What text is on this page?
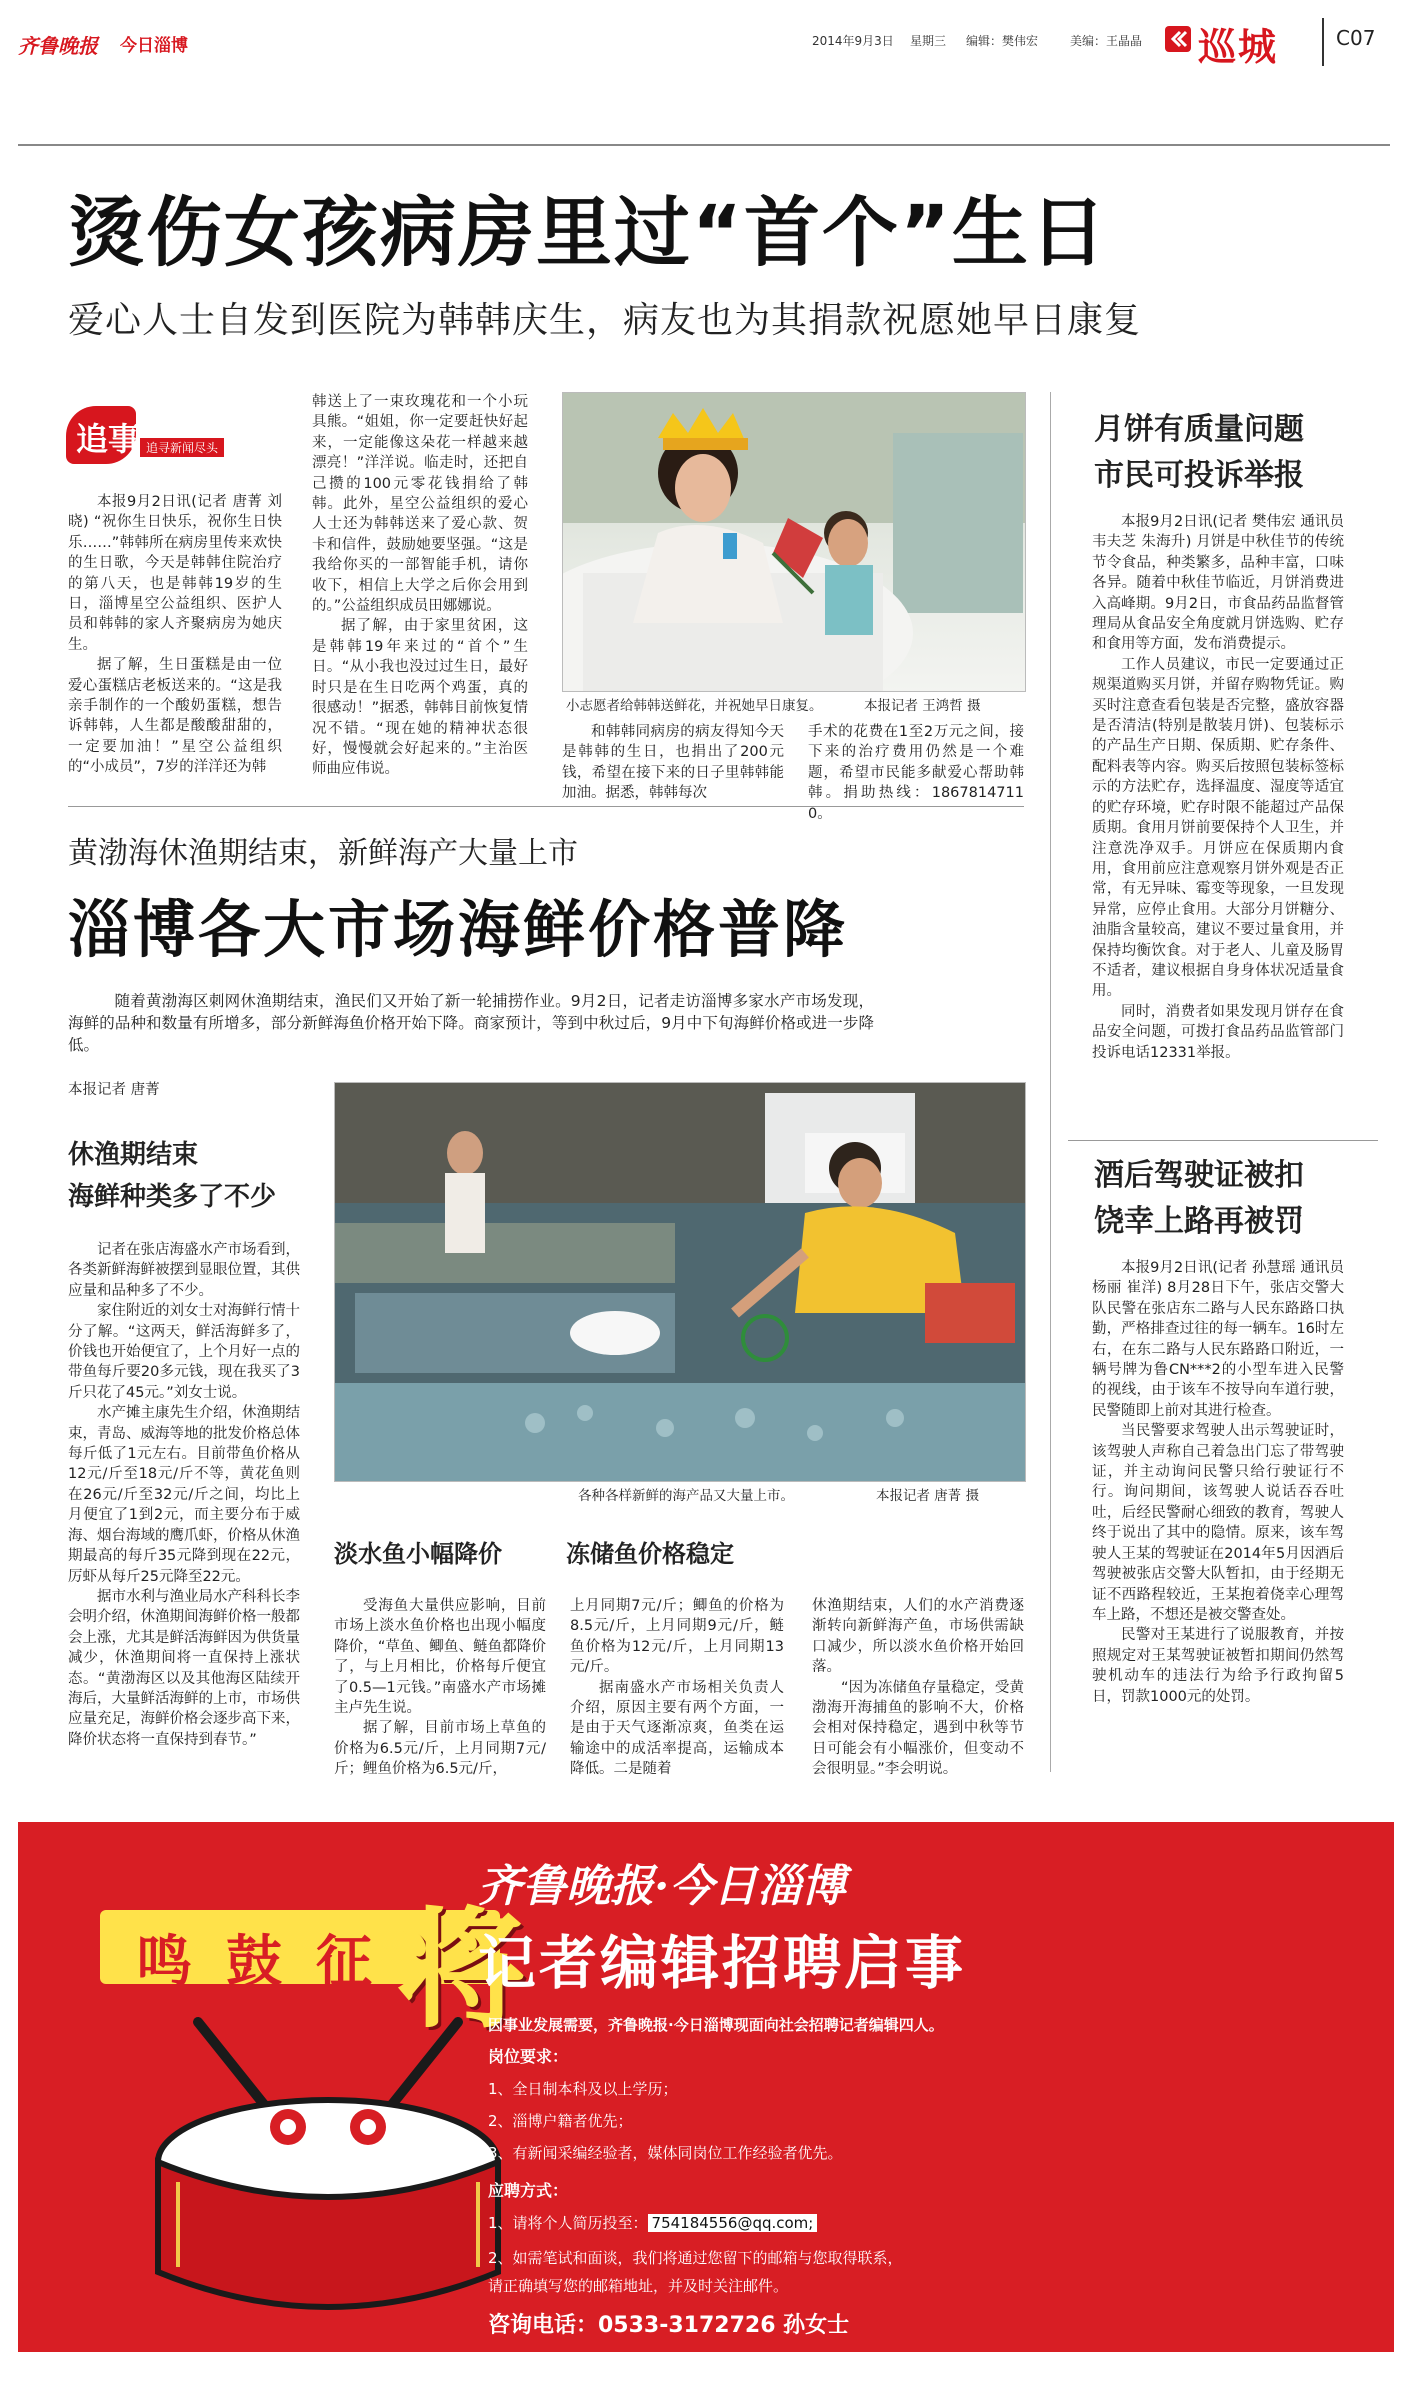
齐鲁晚报 今日淄博	2014年9月3日 星期三 编辑：樊伟宏	美编：王晶晶 巡城	C07
烫伤女孩病房里过“首个”生日
爱心人士自发到医院为韩韩庆生，病友也为其捐款祝愿她早日康复
追事 追寻新闻尽头

本报9月2日讯(记者 唐菁 刘晓) “祝你生日快乐，祝你生日快乐……”韩韩所在病房里传来欢快的生日歌，今天是韩韩住院治疗的第八天，也是韩韩19岁的生日，淄博星空公益组织、医护人员和韩韩的家人齐聚病房为她庆生。

据了解，生日蛋糕是由一位爱心蛋糕店老板送来的。“这是我亲手制作的一个酸奶蛋糕，想告诉韩韩，人生都是酸酸甜甜的，一定要加油！”星空公益组织的“小成员”，7岁的洋洋还为韩

韩送上了一束玫瑰花和一个小玩具熊。“姐姐，你一定要赶快好起来，一定能像这朵花一样越来越漂亮！”洋洋说。临走时，还把自己攒的100元零花钱捐给了韩韩。此外，星空公益组织的爱心人士还为韩韩送来了爱心款、贺卡和信件，鼓励她要坚强。“这是我给你买的一部智能手机，请你收下，相信上大学之后你会用到的。”公益组织成员田娜娜说。

据了解，由于家里贫困，这是韩韩19年来过的“首个”生日。“从小我也没过过生日，最好时只是在生日吃两个鸡蛋，真的很感动！”据悉，韩韩目前恢复情况不错。“现在她的精神状态很好，慢慢就会好起来的。”主治医师曲应伟说。

小志愿者给韩韩送鲜花，并祝她早日康复。	本报记者 王鸿哲 摄

和韩韩同病房的病友得知今天是韩韩的生日，也捐出了200元钱，希望在接下来的日子里韩韩能加油。据悉，韩韩每次

手术的花费在1至2万元之间，接下来的治疗费用仍然是一个难题，希望市民能多献爱心帮助韩韩。捐助热线：18678147110。

黄渤海休渔期结束，新鲜海产大量上市
淄博各大市场海鲜价格普降

随着黄渤海区刺网休渔期结束，渔民们又开始了新一轮捕捞作业。9月2日，记者走访淄博多家水产市场发现，海鲜的品种和数量有所增多，部分新鲜海鱼价格开始下降。商家预计，等到中秋过后，9月中下旬海鲜价格或进一步降低。

本报记者 唐菁
休渔期结束
海鲜种类多了不少

记者在张店海盛水产市场看到，各类新鲜海鲜被摆到显眼位置，其供应量和品种多了不少。

家住附近的刘女士对海鲜行情十分了解。“这两天，鲜活海鲜多了，价钱也开始便宜了，上个月好一点的带鱼每斤要20多元钱，现在我买了3斤只花了45元。”刘女士说。

水产摊主康先生介绍，休渔期结束，青岛、威海等地的批发价格总体每斤低了1元左右。目前带鱼价格从12元/斤至18元/斤不等，黄花鱼则在26元/斤至32元/斤之间，均比上月便宜了1到2元，而主要分布于威海、烟台海域的鹰爪虾，价格从休渔期最高的每斤35元降到现在22元，厉虾从每斤25元降至22元。

据市水利与渔业局水产科科长李会明介绍，休渔期间海鲜价格一般都会上涨，尤其是鲜活海鲜因为供货量减少，休渔期间将一直保持上涨状态。“黄渤海区以及其他海区陆续开海后，大量鲜活海鲜的上市，市场供应量充足，海鲜价格会逐步高下来，降价状态将一直保持到春节。”

各种各样新鲜的海产品又大量上市。	本报记者 唐菁 摄
淡水鱼小幅降价	冻储鱼价格稳定

受海鱼大量供应影响，目前市场上淡水鱼价格也出现小幅度降价，“草鱼、鲫鱼、鲢鱼都降价了，与上月相比，价格每斤便宜了0.5—1元钱。”南盛水产市场摊主卢先生说。

据了解，目前市场上草鱼的价格为6.5元/斤，上月同期7元/斤；鲤鱼价格为6.5元/斤，

上月同期7元/斤；鲫鱼的价格为8.5元/斤，上月同期9元/斤，鲢鱼价格为12元/斤，上月同期13元/斤。

据南盛水产市场相关负责人介绍，原因主要有两个方面，一是由于天气逐渐凉爽，鱼类在运输途中的成活率提高，运输成本降低。二是随着

休渔期结束，人们的水产消费逐渐转向新鲜海产鱼，市场供需缺口减少，所以淡水鱼价格开始回落。

“因为冻储鱼存量稳定，受黄渤海开海捕鱼的影响不大，价格会相对保持稳定，遇到中秋等节日可能会有小幅涨价，但变动不会很明显。”李会明说。

月饼有质量问题
市民可投诉举报

本报9月2日讯(记者 樊伟宏 通讯员 韦夫芝 朱海升) 月饼是中秋佳节的传统节令食品，种类繁多，品种丰富，口味各异。随着中秋佳节临近，月饼消费进入高峰期。9月2日，市食品药品监督管理局从食品安全角度就月饼选购、贮存和食用等方面，发布消费提示。

工作人员建议，市民一定要通过正规渠道购买月饼，并留存购物凭证。购买时注意查看包装是否完整，盛放容器是否清洁(特别是散装月饼)、包装标示的产品生产日期、保质期、贮存条件、配料表等内容。购买后按照包装标签标示的方法贮存，选择温度、湿度等适宜的贮存环境，贮存时限不能超过产品保质期。食用月饼前要保持个人卫生，并注意洗净双手。月饼应在保质期内食用，食用前应注意观察月饼外观是否正常，有无异味、霉变等现象，一旦发现异常，应停止食用。大部分月饼糖分、油脂含量较高，建议不要过量食用，并保持均衡饮食。对于老人、儿童及肠胃不适者，建议根据自身身体状况适量食用。

同时，消费者如果发现月饼存在食品安全问题，可拨打食品药品监管部门投诉电话12331举报。

酒后驾驶证被扣
饶幸上路再被罚

本报9月2日讯(记者 孙慧瑶 通讯员 杨丽 崔洋) 8月28日下午，张店交警大队民警在张店东二路与人民东路路口执勤，严格排查过往的每一辆车。16时左右，在东二路与人民东路路口附近，一辆号牌为鲁CN***2的小型车进入民警的视线，由于该车不按导向车道行驶，民警随即上前对其进行检查。

当民警要求驾驶人出示驾驶证时，该驾驶人声称自己着急出门忘了带驾驶证，并主动询问民警只给行驶证行不行。询问期间，该驾驶人说话吞吞吐吐，后经民警耐心细致的教育，驾驶人终于说出了其中的隐情。原来，该车驾驶人王某的驾驶证在2014年5月因酒后驾驶被张店交警大队暂扣，由于经期无证不西路程较近，王某抱着侥幸心理驾车上路，不想还是被交警查处。

民警对王某进行了说服教育，并按照规定对王某驾驶证被暂扣期间仍然驾驶机动车的违法行为给予行政拘留5日，罚款1000元的处罚。

鸣 鼓 征 将
齐鲁晚报·今日淄博
记者编辑招聘启事
因事业发展需要，齐鲁晚报·今日淄博现面向社会招聘记者编辑四人。
岗位要求：
1、全日制本科及以上学历；
2、淄博户籍者优先；
3、有新闻采编经验者，媒体同岗位工作经验者优先。
应聘方式：
1、请将个人简历投至： 754184556@qq.com;
2、如需笔试和面谈，我们将通过您留下的邮箱与您取得联系，请正确填写您的邮箱地址，并及时关注邮件。
咨询电话：0533-3172726 孙女士
